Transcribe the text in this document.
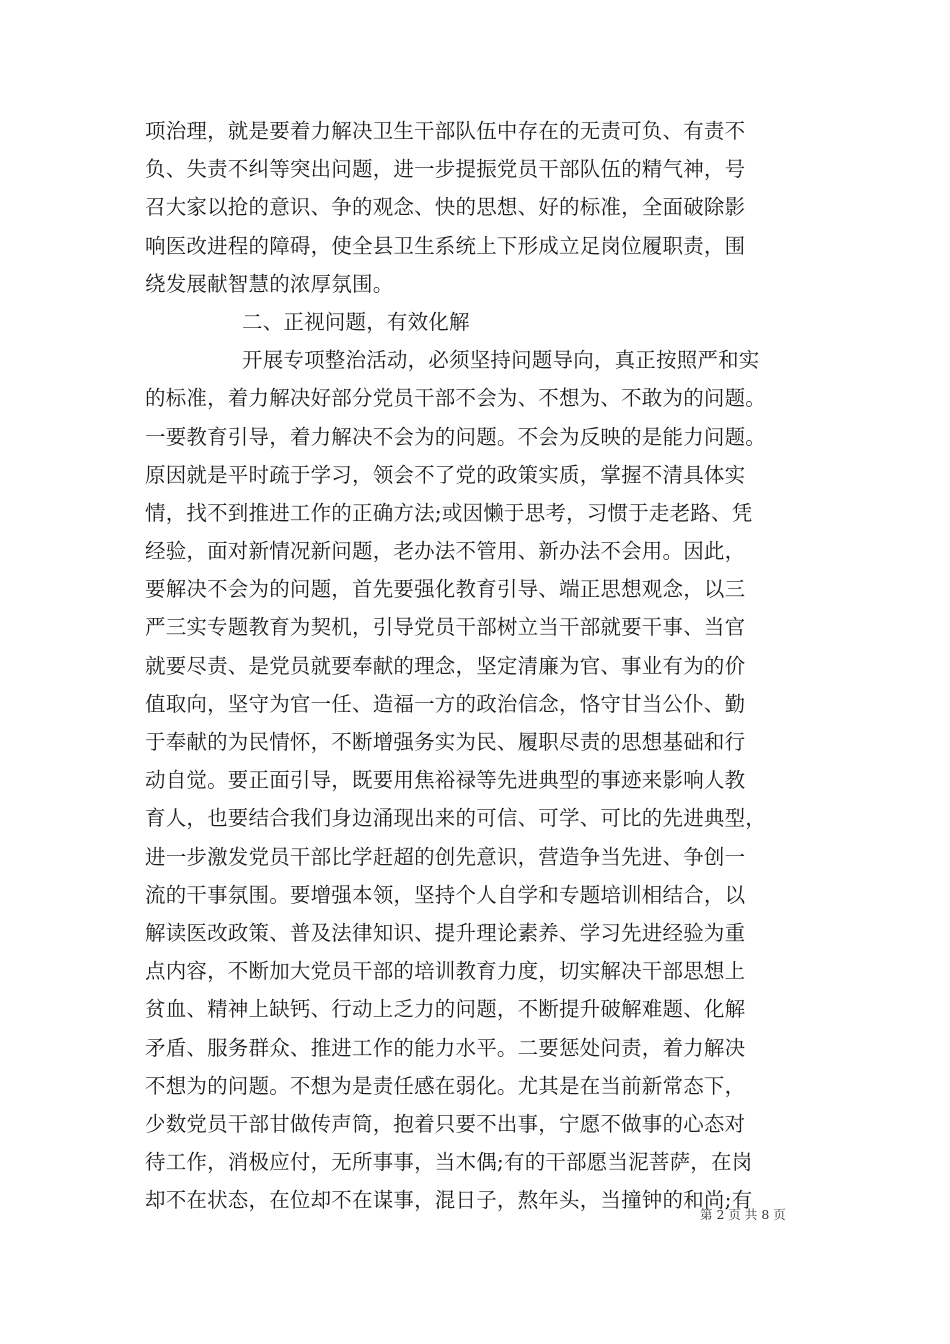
项治理，就是要着力解决卫生干部队伍中存在的无责可负、有责不
负、失责不纠等突出问题，进一步提振党员干部队伍的精气神，号
召大家以抢的意识、争的观念、快的思想、好的标准，全面破除影
响医改进程的障碍，使全县卫生系统上下形成立足岗位履职责，围
绕发展献智慧的浓厚氛围。
二、正视问题，有效化解
开展专项整治活动，必须坚持问题导向，真正按照严和实
的标准，着力解决好部分党员干部不会为、不想为、不敢为的问题。
一要教育引导，着力解决不会为的问题。不会为反映的是能力问题。
原因就是平时疏于学习，领会不了党的政策实质，掌握不清具体实
情，找不到推进工作的正确方法;或因懒于思考，习惯于走老路、凭
经验，面对新情况新问题，老办法不管用、新办法不会用。因此，
要解决不会为的问题，首先要强化教育引导、端正思想观念，以三
严三实专题教育为契机，引导党员干部树立当干部就要干事、当官
就要尽责、是党员就要奉献的理念，坚定清廉为官、事业有为的价
值取向，坚守为官一任、造福一方的政治信念，恪守甘当公仆、勤
于奉献的为民情怀，不断增强务实为民、履职尽责的思想基础和行
动自觉。要正面引导，既要用焦裕禄等先进典型的事迹来影响人教
育人，也要结合我们身边涌现出来的可信、可学、可比的先进典型，
进一步激发党员干部比学赶超的创先意识，营造争当先进、争创一
流的干事氛围。要增强本领，坚持个人自学和专题培训相结合，以
解读医改政策、普及法律知识、提升理论素养、学习先进经验为重
点内容，不断加大党员干部的培训教育力度，切实解决干部思想上
贫血、精神上缺钙、行动上乏力的问题，不断提升破解难题、化解
矛盾、服务群众、推进工作的能力水平。二要惩处问责，着力解决
不想为的问题。不想为是责任感在弱化。尤其是在当前新常态下，
少数党员干部甘做传声筒，抱着只要不出事，宁愿不做事的心态对
待工作，消极应付，无所事事，当木偶;有的干部愿当泥菩萨，在岗
却不在状态，在位却不在谋事，混日子，熬年头，当撞钟的和尚;有
第 2 页 共 8 页
